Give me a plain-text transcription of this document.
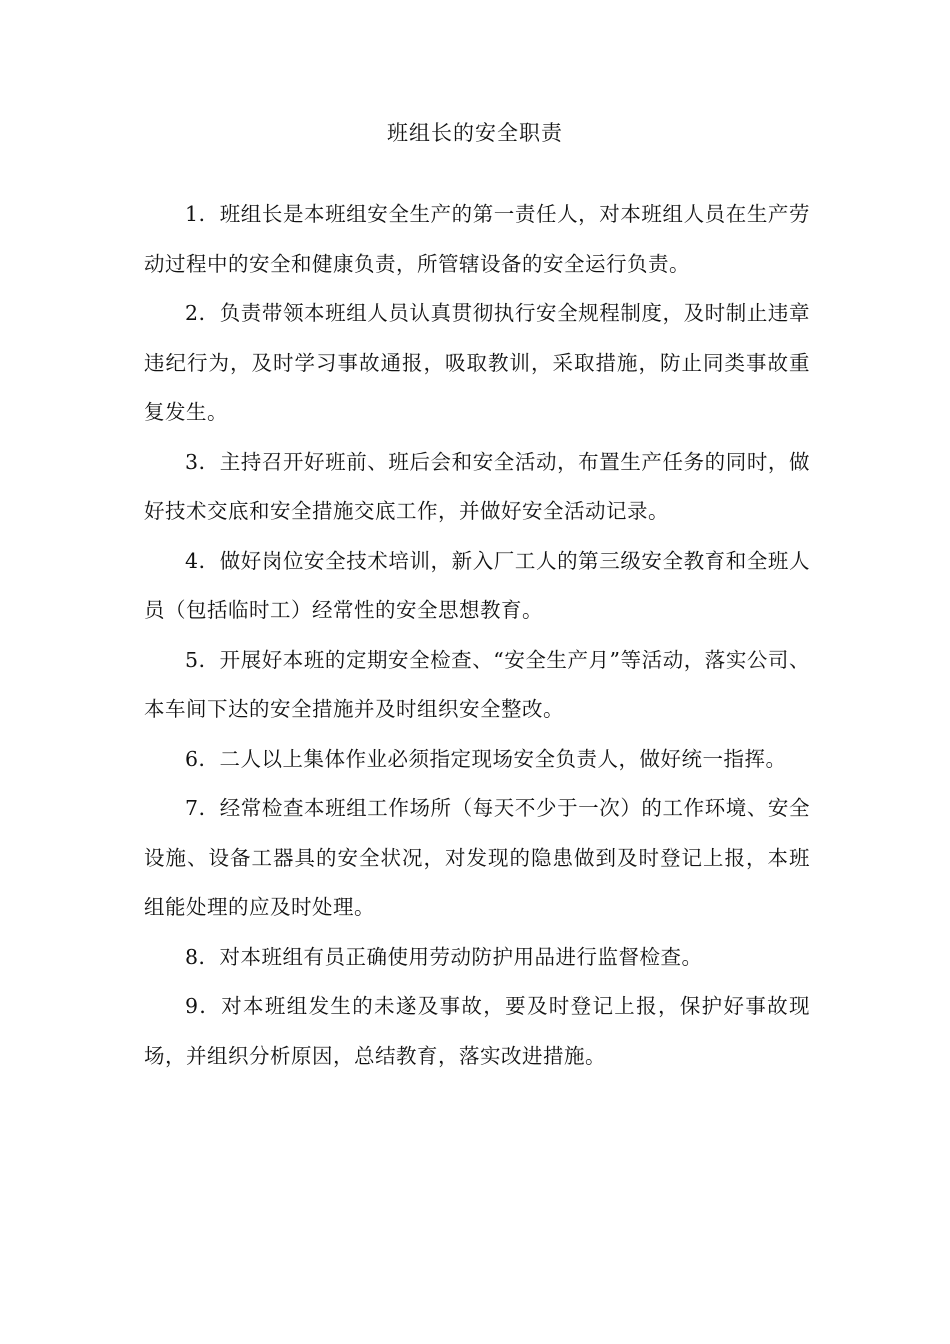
班组长的安全职责

1．班组长是本班组安全生产的第一责任人，对本班组人员在生产劳动过程中的安全和健康负责，所管辖设备的安全运行负责。

2．负责带领本班组人员认真贯彻执行安全规程制度，及时制止违章违纪行为，及时学习事故通报，吸取教训，采取措施，防止同类事故重复发生。

3．主持召开好班前、班后会和安全活动，布置生产任务的同时，做好技术交底和安全措施交底工作，并做好安全活动记录。

4．做好岗位安全技术培训，新入厂工人的第三级安全教育和全班人员（包括临时工）经常性的安全思想教育。

5．开展好本班的定期安全检查、“安全生产月”等活动，落实公司、本车间下达的安全措施并及时组织安全整改。

6．二人以上集体作业必须指定现场安全负责人，做好统一指挥。

7．经常检查本班组工作场所（每天不少于一次）的工作环境、安全设施、设备工器具的安全状况，对发现的隐患做到及时登记上报，本班组能处理的应及时处理。

8．对本班组有员正确使用劳动防护用品进行监督检查。

9．对本班组发生的未遂及事故，要及时登记上报，保护好事故现场，并组织分析原因，总结教育，落实改进措施。
